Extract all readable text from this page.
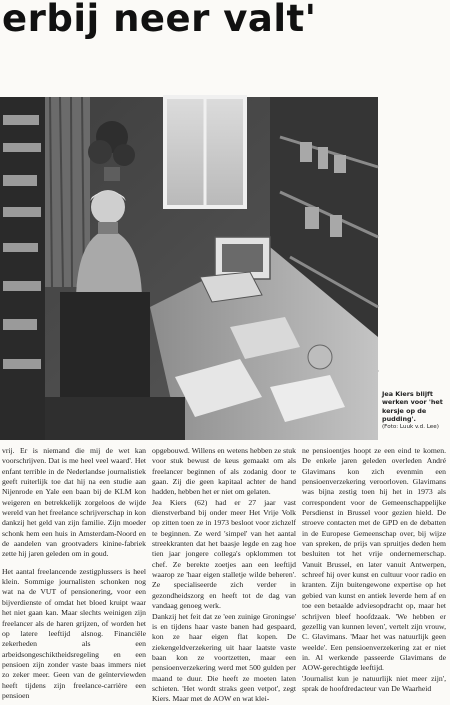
erbij neer valt'
Jea Kiers blijft werken voor 'het kersje op de pudding'.
(Foto: Luuk v.d. Lee)

vrij. Er is niemand die mij de wet kan voorschrijven. Dat is me heel veel waard'. Het enfant terrible in de Nederlandse journalistiek geeft ruiterlijk toe dat hij na een studie aan Nijenrode en Yale een baan bij de KLM kon weigeren en betrekkelijk zorgeloos de wijde wereld van het freelance schrijverschap in kon dankzij het geld van zijn familie. Zijn moeder schonk hem een huis in Amsterdam-Noord en de aandelen van grootvaders kinine-fabriek zette hij jaren geleden om in goud.

Het aantal freelancende zestigplussers is heel klein. Sommige journalisten schonken nog wat na de VUT of pensionering, voor een bijverdienste of omdat het bloed kruipt waar het niet gaan kan. Maar slechts weinigen zijn freelancer als de haren grijzen, of worden het op latere leeftijd alsnog. Financiële zekerheden als een arbeidsongeschiktheidsregeling en een pensioen zijn zonder vaste baas immers niet zo zeker meer. Geen van de geïnterviewden heeft tijdens zijn freelance-carrière een pensioen

opgebouwd. Willens en wetens hebben ze stuk voor stuk bewust de keus gemaakt om als freelancer beginnen of als zodanig door te gaan. Zij die geen kapitaal achter de hand hadden, hebben het er niet om gelaten.

Jea Kiers (62) had er 27 jaar vast dienstverband bij onder meer Het Vrije Volk op zitten toen ze in 1973 besloot voor zichzelf te beginnen. Ze werd 'simpel' van het aantal streekkranten dat het baasje legde en zag hoe tien jaar jongere collega's opklommen tot chef. Ze berekte zoetjes aan een leeftijd waarop ze 'haar eigen stalletje wilde beheren'. Ze specialiseerde zich verder in gezondheidszorg en heeft tot de dag van vandaag genoeg werk.

Dankzij het feit dat ze 'een zuinige Groningse' is en tijdens haar vaste banen had gespaard, kon ze haar eigen flat kopen. De ziekengeldverzekering uit haar laatste vaste baan kon ze voortzetten, maar een pensioenverzekering werd met 500 gulden per maand te duur. Die heeft ze moeten laten schieten. 'Het wordt straks geen vetpot', zegt Kiers. Maar met de AOW en wat klei-

ne pensioentjes hoopt ze een eind te komen. De enkele jaren geleden overleden André Glavimans kon zich evenmin een pensioenverzekering veroorloven. Glavimans was bijna zestig toen hij het in 1973 als correspondent voor de Gemeenschappelijke Persdienst in Brussel voor gezien hield. De stroeve contacten met de GPD en de debatten in de Europese Gemeenschap over, bij wijze van spreken, de prijs van spruitjes deden hem besluiten tot het vrije ondernemerschap. Vanuit Brussel, en later vanuit Antwerpen, schreef hij over kunst en cultuur voor radio en kranten. Zijn buitengewone expertise op het gebied van kunst en antiek leverde hem af en toe een betaalde adviesopdracht op, maar het schrijven bleef hoofdzaak. 'We hebben er gezellig van kunnen leven', vertelt zijn vrouw, C. Glavimans. 'Maar het was natuurlijk geen weelde'. Een pensioenverzekering zat er niet in. Al werkende passeerde Glavimans de AOW-gerechtigde leeftijd.

'Journalist kun je natuurlijk niet meer zijn', sprak de hoofdredacteur van De Waarheid
